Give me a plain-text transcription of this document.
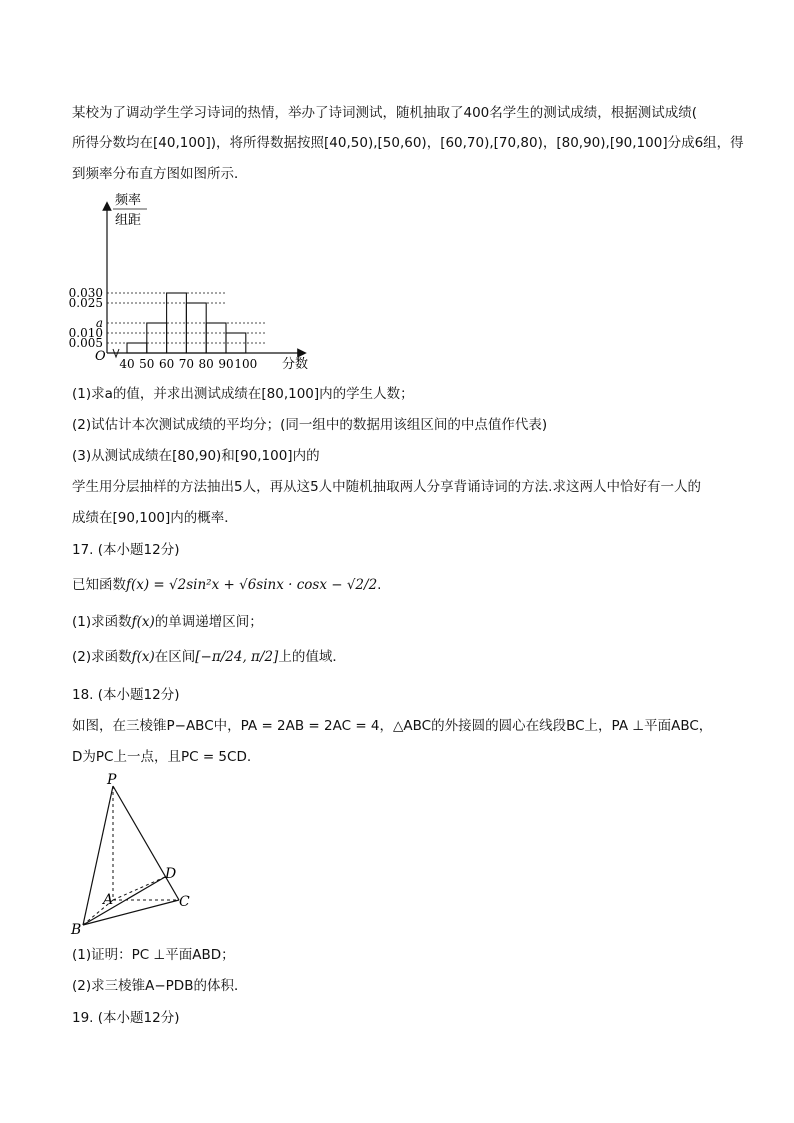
某校为了调动学生学习诗词的热情，举办了诗词测试，随机抽取了400名学生的测试成绩，根据测试成绩(
所得分数均在[40,100])，将所得数据按照[40,50),[50,60)，[60,70),[70,80)，[80,90),[90,100]分成6组，得
到频率分布直方图如图所示．
0.030
0.025
a
0.010
0.005
40 50 60 70 80 90 100
O
分数
频率
组距
(1)求a的值，并求出测试成绩在[80,100]内的学生人数；
(2)试估计本次测试成绩的平均分；(同一组中的数据用该组区间的中点值作代表)
(3)从测试成绩在[80,90)和[90,100]内的
学生用分层抽样的方法抽出5人，再从这5人中随机抽取两人分享背诵诗词的方法.求这两人中恰好有一人的
成绩在[90,100]内的概率．
17. (本小题12分)
已知函数f(x) = √2sin²x + √6sinx · cosx − √2/2.
(1)求函数f(x)的单调递增区间；
(2)求函数f(x)在区间[−π/24, π/2]上的值域．
18. (本小题12分)
如图，在三棱锥P−ABC中，PA = 2AB = 2AC = 4，△ABC的外接圆的圆心在线段BC上，PA ⊥平面ABC，
D为PC上一点，且PC = 5CD.
P
A
B
C
D
(1)证明：PC ⊥平面ABD；
(2)求三棱锥A−PDB的体积．
19. (本小题12分)
